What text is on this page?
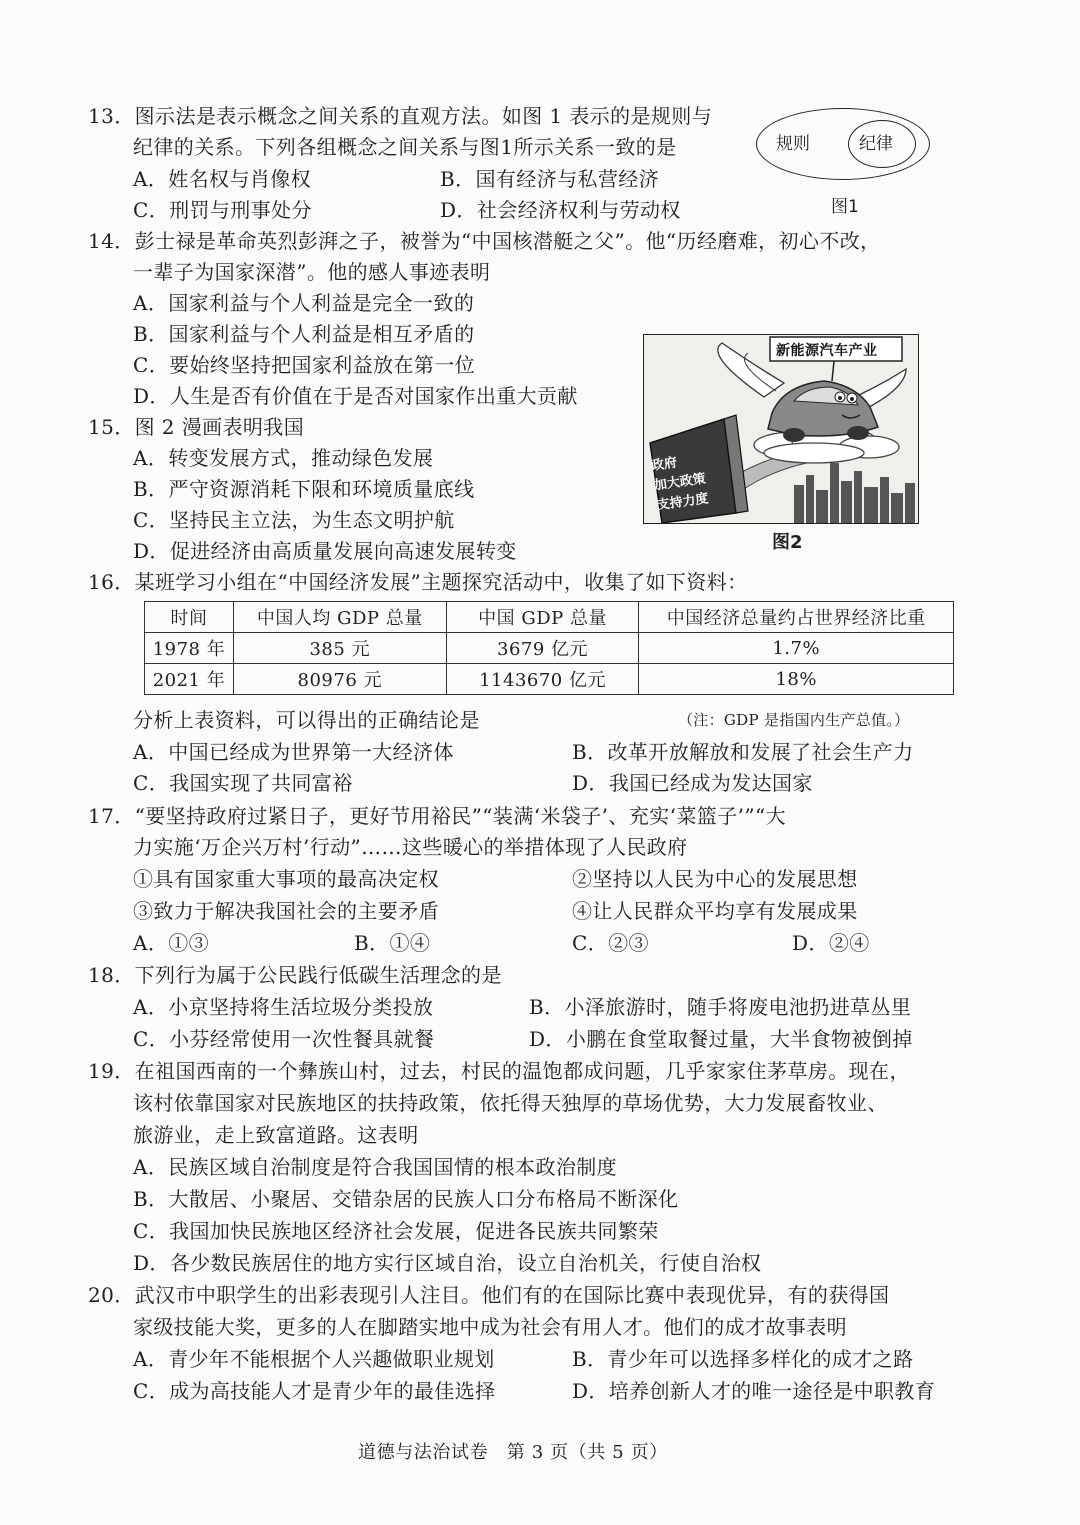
13．图示法是表示概念之间关系的直观方法。如图 1 表示的是规则与
纪律的关系。下列各组概念之间关系与图1所示关系一致的是
A．姓名权与肖像权	B．国有经济与私营经济
C．刑罚与刑事处分	D．社会经济权利与劳动权
规则	纪律
图1
14．彭士禄是革命英烈彭湃之子，被誉为“中国核潜艇之父”。他“历经磨难，初心不改，
一辈子为国家深潜”。他的感人事迹表明
A．国家利益与个人利益是完全一致的
B．国家利益与个人利益是相互矛盾的
C．要始终坚持把国家利益放在第一位
D．人生是否有价值在于是否对国家作出重大贡献
15．图 2 漫画表明我国
A．转变发展方式，推动绿色发展
B．严守资源消耗下限和环境质量底线
C．坚持民主立法，为生态文明护航
D．促进经济由高质量发展向高速发展转变
新能源汽车产业
政府
加大政策
支持力度
图2
16．某班学习小组在“中国经济发展”主题探究活动中，收集了如下资料：
时间	中国人均 GDP 总量	中国 GDP 总量	中国经济总量约占世界经济比重
1978 年	385 元	3679 亿元	1.7%
2021 年	80976 元	1143670 亿元	18%
分析上表资料，可以得出的正确结论是	（注：GDP 是指国内生产总值。）
A．中国已经成为世界第一大经济体	B．改革开放解放和发展了社会生产力
C．我国实现了共同富裕	D．我国已经成为发达国家
17．“要坚持政府过紧日子，更好节用裕民”“装满‘米袋子’、充实‘菜篮子’”“大
力实施‘万企兴万村’行动”……这些暖心的举措体现了人民政府
①具有国家重大事项的最高决定权	②坚持以人民为中心的发展思想
③致力于解决我国社会的主要矛盾	④让人民群众平均享有发展成果
A．①③	B．①④	C．②③	D．②④
18．下列行为属于公民践行低碳生活理念的是
A．小京坚持将生活垃圾分类投放	B．小泽旅游时，随手将废电池扔进草丛里
C．小芬经常使用一次性餐具就餐	D．小鹏在食堂取餐过量，大半食物被倒掉
19．在祖国西南的一个彝族山村，过去，村民的温饱都成问题，几乎家家住茅草房。现在，
该村依靠国家对民族地区的扶持政策，依托得天独厚的草场优势，大力发展畜牧业、
旅游业，走上致富道路。这表明
A．民族区域自治制度是符合我国国情的根本政治制度
B．大散居、小聚居、交错杂居的民族人口分布格局不断深化
C．我国加快民族地区经济社会发展，促进各民族共同繁荣
D．各少数民族居住的地方实行区域自治，设立自治机关，行使自治权
20．武汉市中职学生的出彩表现引人注目。他们有的在国际比赛中表现优异，有的获得国
家级技能大奖，更多的人在脚踏实地中成为社会有用人才。他们的成才故事表明
A．青少年不能根据个人兴趣做职业规划	B．青少年可以选择多样化的成才之路
C．成为高技能人才是青少年的最佳选择	D．培养创新人才的唯一途径是中职教育
道德与法治试卷　第 3 页（共 5 页）
